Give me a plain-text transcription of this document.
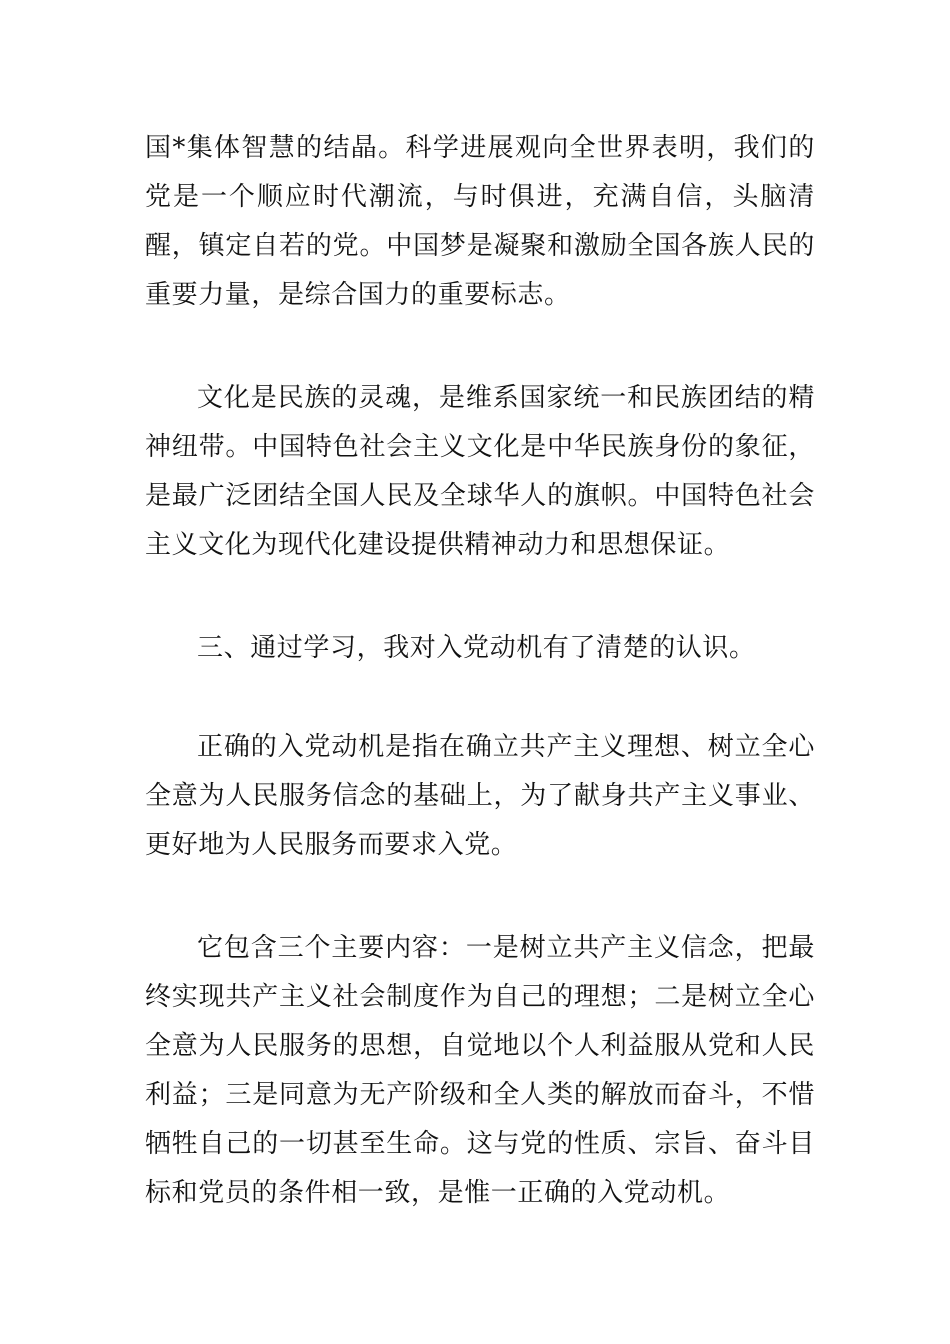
国*集体智慧的结晶。科学进展观向全世界表明，我们的党是一个顺应时代潮流，与时俱进，充满自信，头脑清醒，镇定自若的党。中国梦是凝聚和激励全国各族人民的重要力量，是综合国力的重要标志。

文化是民族的灵魂，是维系国家统一和民族团结的精神纽带。中国特色社会主义文化是中华民族身份的象征，是最广泛团结全国人民及全球华人的旗帜。中国特色社会主义文化为现代化建设提供精神动力和思想保证。

三、通过学习，我对入党动机有了清楚的认识。

正确的入党动机是指在确立共产主义理想、树立全心全意为人民服务信念的基础上，为了献身共产主义事业、更好地为人民服务而要求入党。

它包含三个主要内容：一是树立共产主义信念，把最终实现共产主义社会制度作为自己的理想；二是树立全心全意为人民服务的思想，自觉地以个人利益服从党和人民利益；三是同意为无产阶级和全人类的解放而奋斗，不惜牺牲自己的一切甚至生命。这与党的性质、宗旨、奋斗目标和党员的条件相一致，是惟一正确的入党动机。
